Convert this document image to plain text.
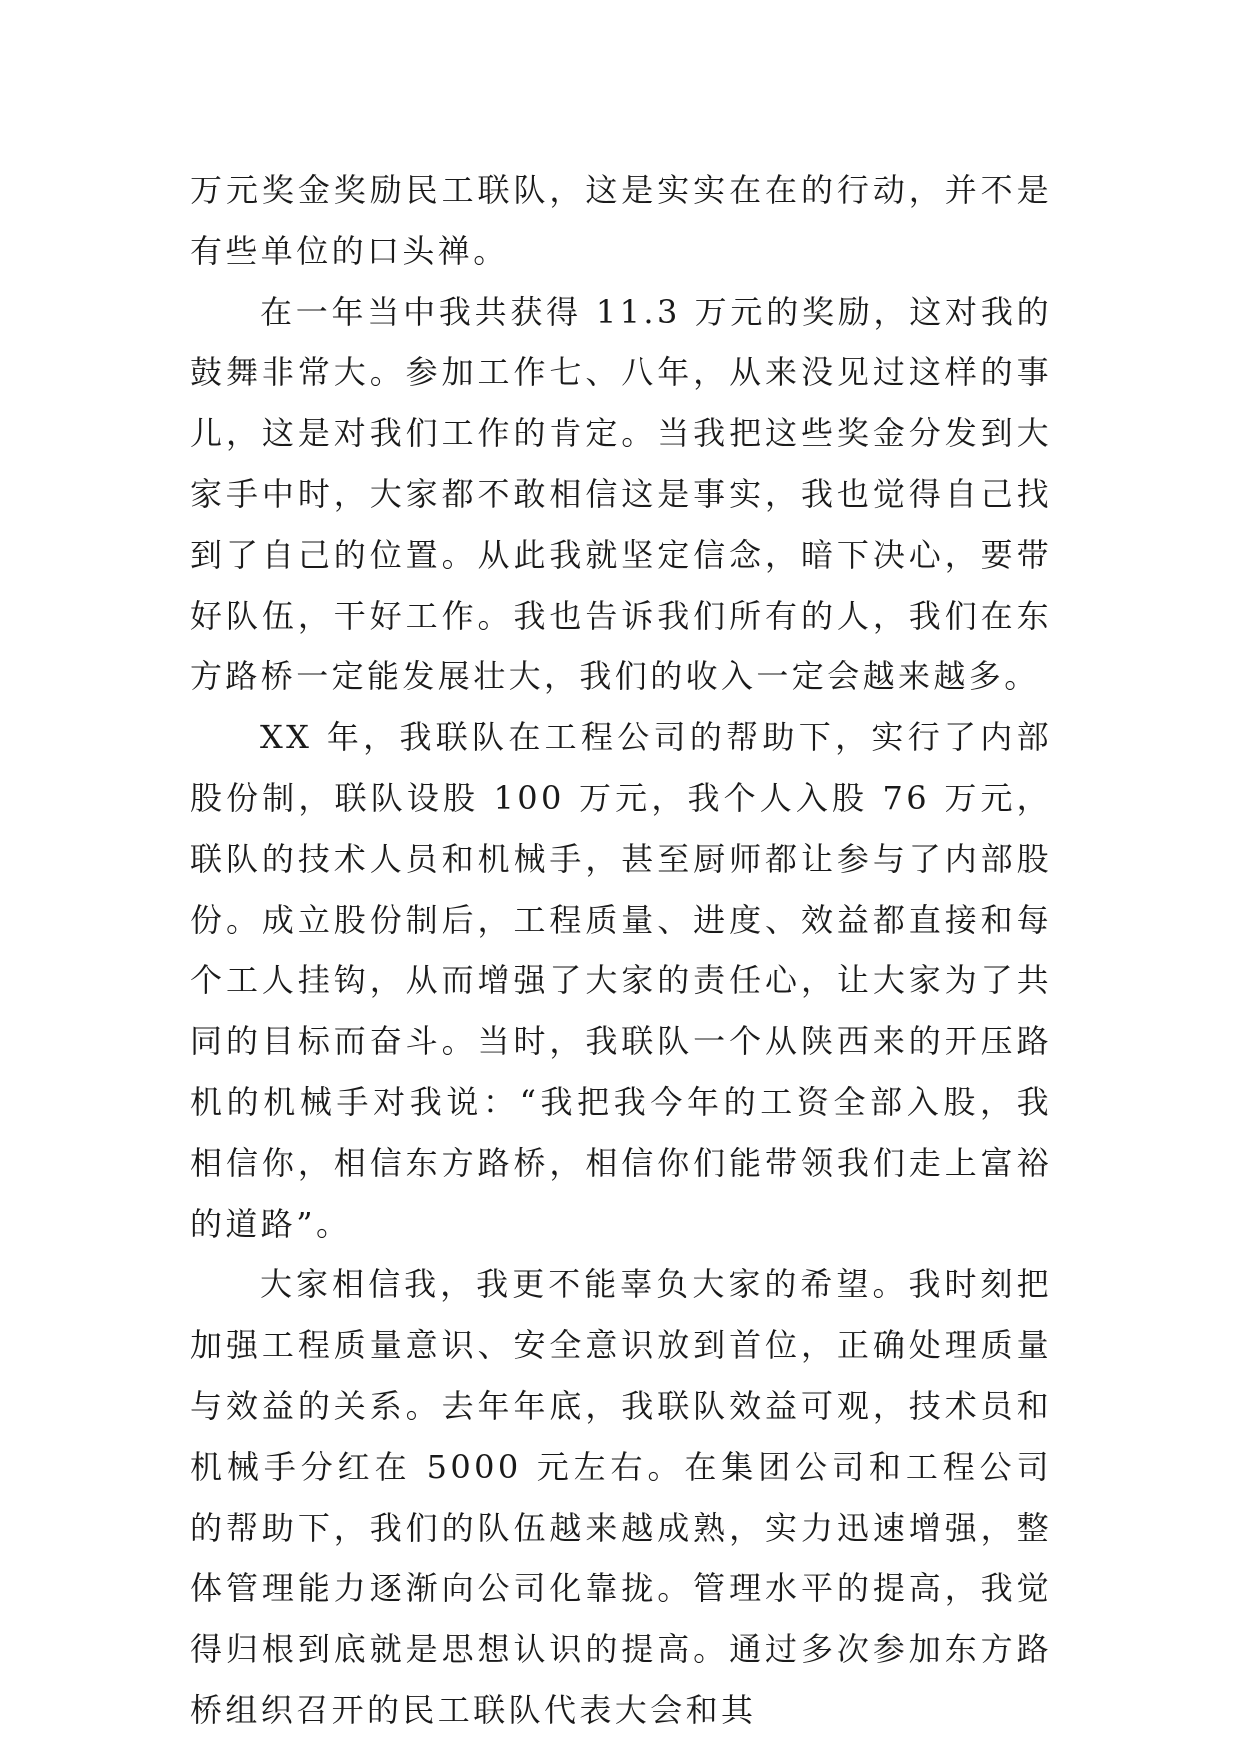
万元奖金奖励民工联队，这是实实在在的行动，并不是有些单位的口头禅。

在一年当中我共获得 11.3 万元的奖励，这对我的鼓舞非常大。参加工作七、八年，从来没见过这样的事儿，这是对我们工作的肯定。当我把这些奖金分发到大家手中时，大家都不敢相信这是事实，我也觉得自己找到了自己的位置。从此我就坚定信念，暗下决心，要带好队伍，干好工作。我也告诉我们所有的人，我们在东方路桥一定能发展壮大，我们的收入一定会越来越多。

XX 年，我联队在工程公司的帮助下，实行了内部股份制，联队设股 100 万元，我个人入股 76 万元，联队的技术人员和机械手，甚至厨师都让参与了内部股份。成立股份制后，工程质量、进度、效益都直接和每个工人挂钩，从而增强了大家的责任心，让大家为了共同的目标而奋斗。当时，我联队一个从陕西来的开压路机的机械手对我说：“我把我今年的工资全部入股，我相信你，相信东方路桥，相信你们能带领我们走上富裕的道路”。

大家相信我，我更不能辜负大家的希望。我时刻把加强工程质量意识、安全意识放到首位，正确处理质量与效益的关系。去年年底，我联队效益可观，技术员和机械手分红在 5000 元左右。在集团公司和工程公司的帮助下，我们的队伍越来越成熟，实力迅速增强，整体管理能力逐渐向公司化靠拢。管理水平的提高，我觉得归根到底就是思想认识的提高。通过多次参加东方路桥组织召开的民工联队代表大会和其
